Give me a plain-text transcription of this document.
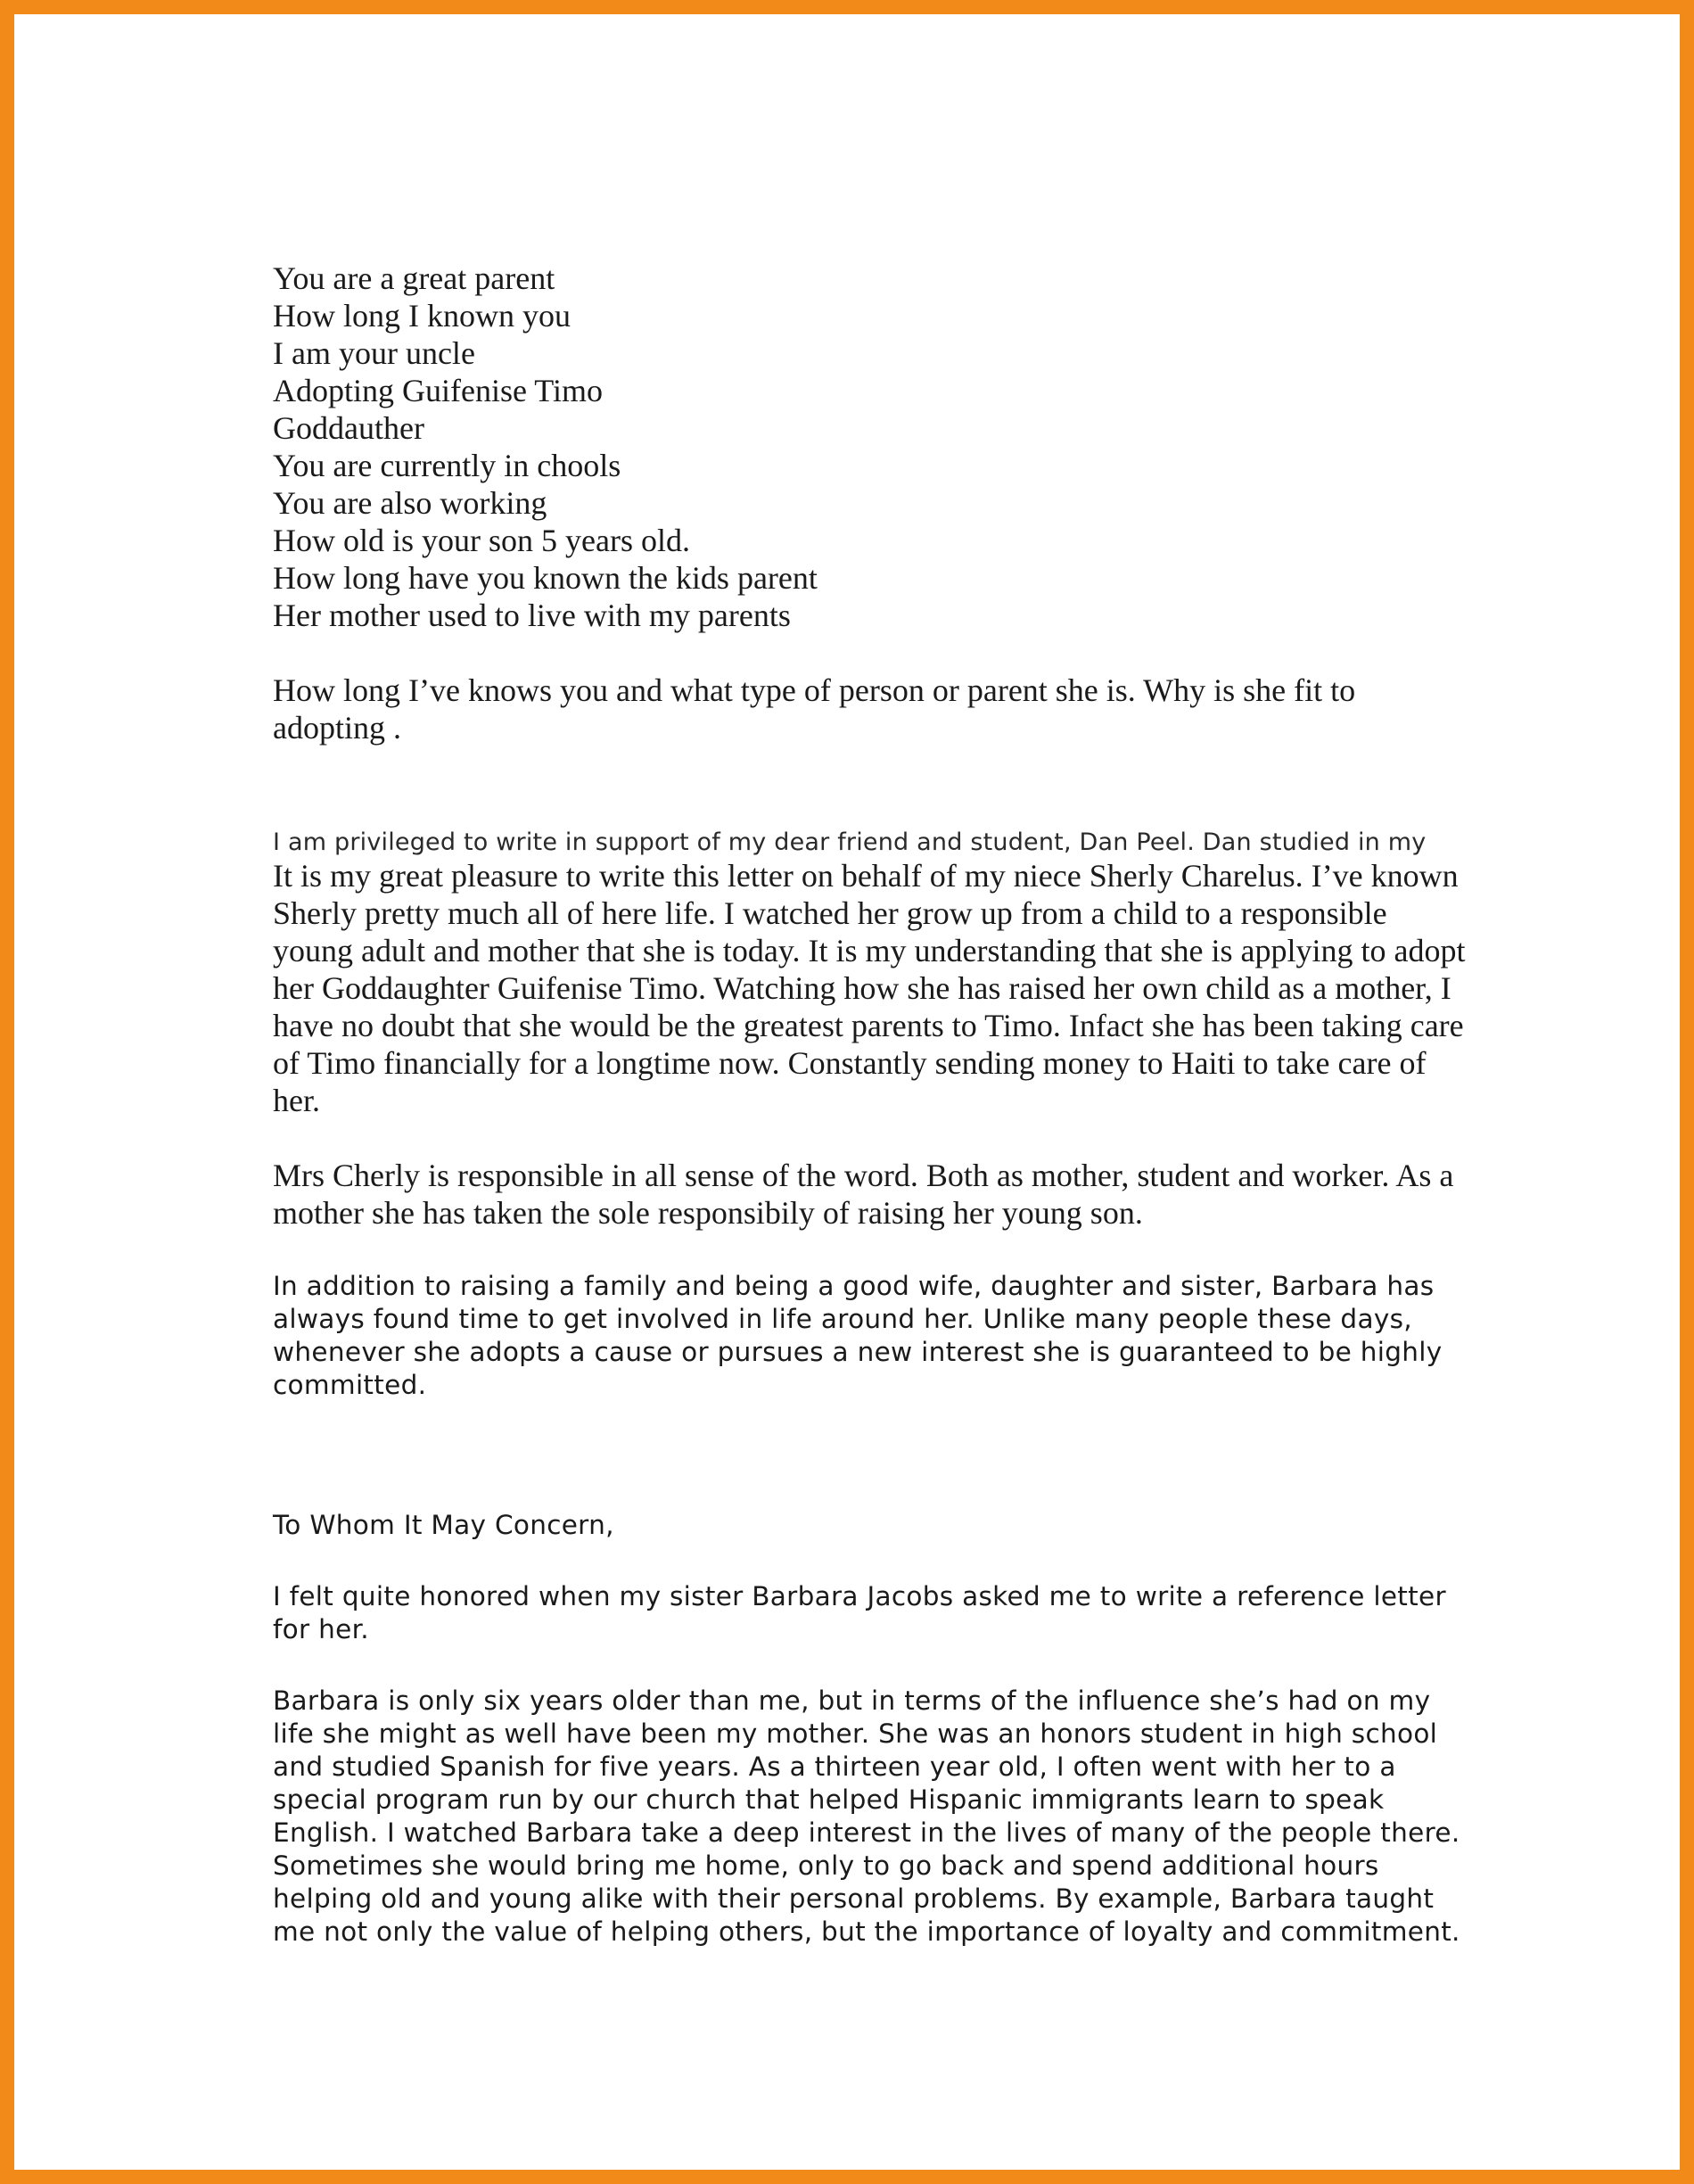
You are a great parent
How long I known you
I am your uncle
Adopting Guifenise Timo
Goddauther
You are currently in chools
You are also working
How old is your son 5 years old.
How long have you known the kids parent
Her mother used to live with my parents

How long I’ve knows you and what type of person or parent she is. Why is she fit to adopting .

I am privileged to write in support of my dear friend and student, Dan Peel. Dan studied in my

It is my great pleasure to write this letter on behalf of my niece Sherly Charelus. I’ve known Sherly pretty much all of here life. I watched her grow up from a child to a responsible young adult and mother that she is today. It is my understanding that she is applying to adopt her Goddaughter Guifenise Timo. Watching how she has raised her own child as a mother, I have no doubt that she would be the greatest parents to Timo. Infact she has been taking care of Timo financially for a longtime now. Constantly sending money to Haiti to take care of her.

Mrs Cherly is responsible in all sense of the word. Both as mother, student and worker. As a mother she has taken the sole responsibily of raising her young son.

In addition to raising a family and being a good wife, daughter and sister, Barbara has always found time to get involved in life around her. Unlike many people these days, whenever she adopts a cause or pursues a new interest she is guaranteed to be highly committed.

To Whom It May Concern,

I felt quite honored when my sister Barbara Jacobs asked me to write a reference letter for her.

Barbara is only six years older than me, but in terms of the influence she’s had on my life she might as well have been my mother. She was an honors student in high school and studied Spanish for five years. As a thirteen year old, I often went with her to a special program run by our church that helped Hispanic immigrants learn to speak English. I watched Barbara take a deep interest in the lives of many of the people there. Sometimes she would bring me home, only to go back and spend additional hours helping old and young alike with their personal problems. By example, Barbara taught me not only the value of helping others, but the importance of loyalty and commitment.
